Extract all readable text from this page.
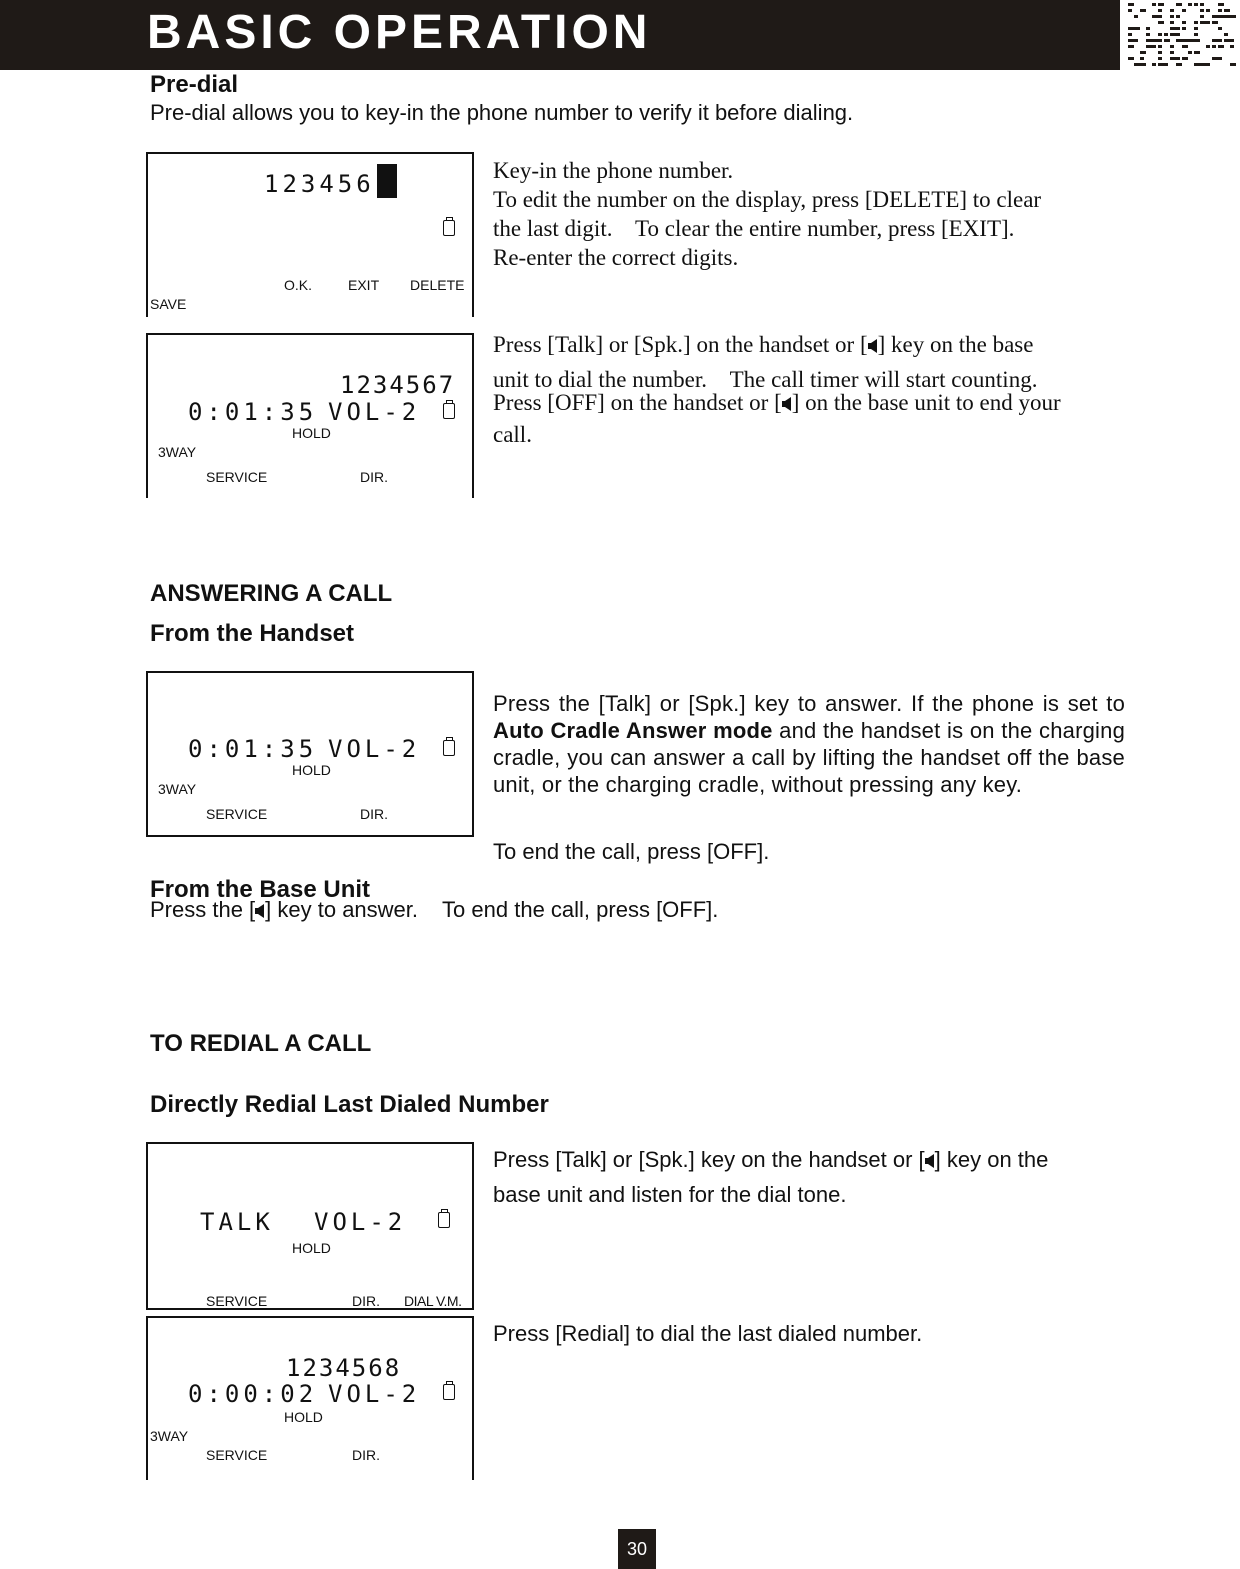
BASIC OPERATION
Pre-dial
Pre-dial allows you to key-in the phone number to verify it before dialing.
123456
O.K.	EXIT DELETE
SAVE
Key-in the phone number.
To edit the number on the display, press [DELETE] to clear
the last digit.    To clear the entire number, press [EXIT].
Re-enter the correct digits.
1234567
0:01:35 VOL-2
HOLD
3WAY
SERVICE	DIR.
Press [Talk] or [Spk.] on the handset or [ ] key on the base
unit to dial the number.    The call timer will start counting.
Press [OFF] on the handset or [ ] on the base unit to end your
call.
ANSWERING A CALL
From the Handset
0:01:35 VOL-2
HOLD
3WAY
SERVICE	DIR.
Press the [Talk] or [Spk.] key to answer. If the phone is set to Auto Cradle Answer mode and the handset is on the charging cradle, you can answer a call by lifting the handset off the base unit, or the charging cradle, without pressing any key.
To end the call, press [OFF].
From the Base Unit
Press the [ ] key to answer.    To end the call, press [OFF].
TO REDIAL A CALL
Directly Redial Last Dialed Number
TALK VOL-2
HOLD
SERVICE	DIR. DIAL V.M.
Press [Talk] or [Spk.] key on the handset or [ ] key on the
base unit and listen for the dial tone.
1234568
0:00:02 VOL-2
HOLD
3WAY
SERVICE	DIR.
Press [Redial] to dial the last dialed number.
30
